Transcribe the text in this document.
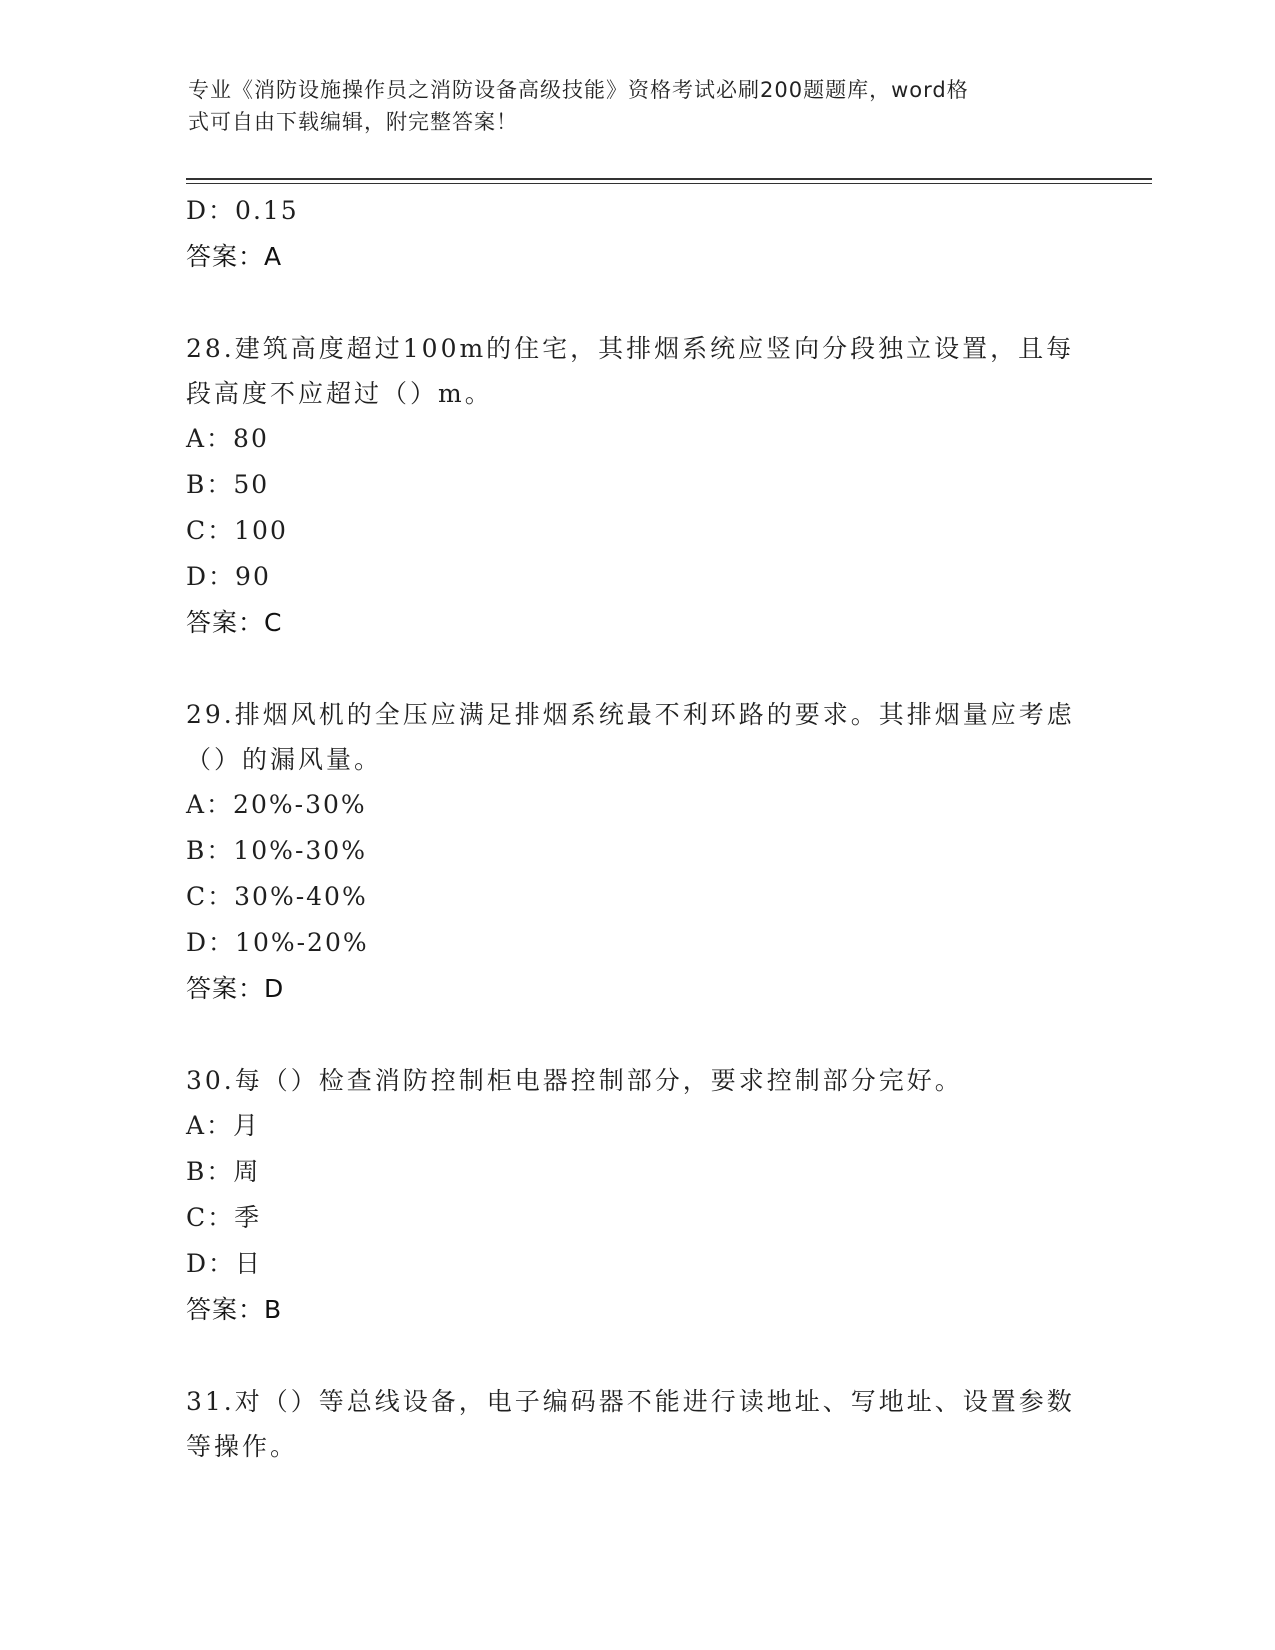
专业《消防设施操作员之消防设备高级技能》资格考试必刷200题题库，word格
式可自由下载编辑，附完整答案！
D：0.15
答案：A
28.建筑高度超过100m的住宅，其排烟系统应竖向分段独立设置，且每段高度不应超过（）m。
A：80
B：50
C：100
D：90
答案：C
29.排烟风机的全压应满足排烟系统最不利环路的要求。其排烟量应考虑（）的漏风量。
A：20%-30%
B：10%-30%
C：30%-40%
D：10%-20%
答案：D
30.每（）检查消防控制柜电器控制部分，要求控制部分完好。
A：月
B：周
C：季
D：日
答案：B
31.对（）等总线设备，电子编码器不能进行读地址、写地址、设置参数等操作。
